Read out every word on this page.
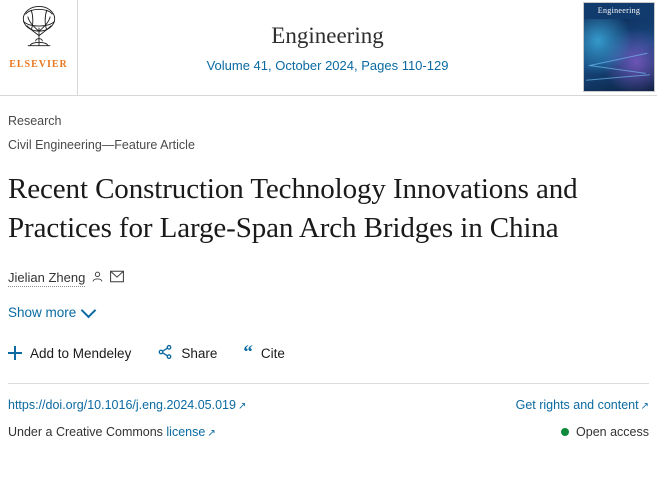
ELSEVIER
Engineering
Volume 41, October 2024, Pages 110-129
Engineering
Research
Civil Engineering—Feature Article
Recent Construction Technology Innovations and Practices for Large-Span Arch Bridges in China
Jielian Zheng
Show more
Add to Mendeley	Share “ Cite
https://doi.org/10.1016/j.eng.2024.05.019 ↗	Get rights and content ↗
Under a Creative Commons license ↗	Open access
